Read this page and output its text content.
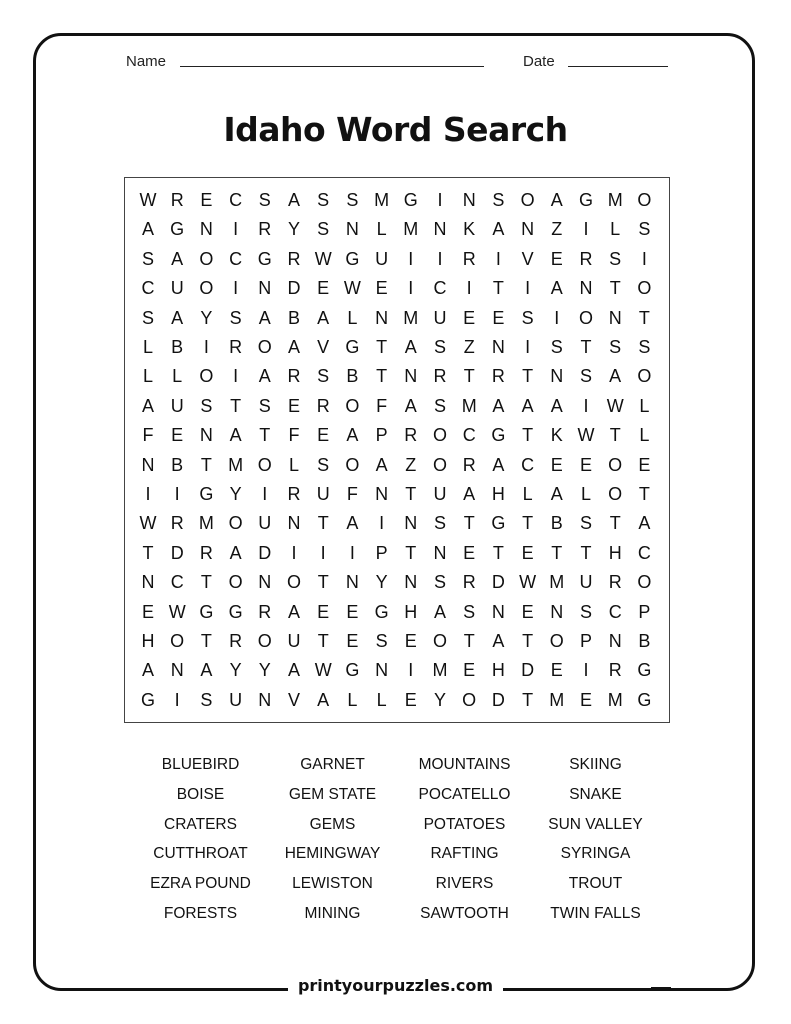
Name	Date
Idaho Word Search
W R E C S A S S M G	I	N S O A G M O
A G N	I	R Y S N L M N K A N Z	I	L	S
S A O C G R W G U	I	I	R	I	V E R S	I
C U O	I	N D E W E	I	C	I	T	I	A N T O
S A Y S A B A	L N M U E E S	I	O N T
L	B	I	R O A V G T A S Z N	I	S T S S
L	L O	I	A R S B T N R T R T N S A O
A U S T S E R O F A S M A A A	I	W L
F E N A T	F E A P R O C G T K W T	L
N B T M O L	S O A Z O R A C E E O E
I	I	G Y	I	R U F N T U A H L	A	L O T
W R M O U N T A	I	N S T G T B S T A
T D R A D	I	I	I	P T N E T E T	T H C
N C T O N O T N Y N S R D W M U R O
E W G G R A E E G H A S N E N S C P
H O T R O U T E S E O T A T O P N B
A N A Y Y A W G N	I	M E H D E	I	R G
G	I	S U N V A	L	L	E Y O D T M E M G
BLUEBIRD	GARNET	MOUNTAINS	SKIING
BOISE	GEM STATE	POCATELLO	SNAKE
CRATERS	GEMS	POTATOES	SUN VALLEY
CUTTHROAT	HEMINGWAY	RAFTING	SYRINGA
EZRA POUND	LEWISTON	RIVERS	TROUT
FORESTS	MINING	SAWTOOTH	TWIN FALLS
printyourpuzzles.com
